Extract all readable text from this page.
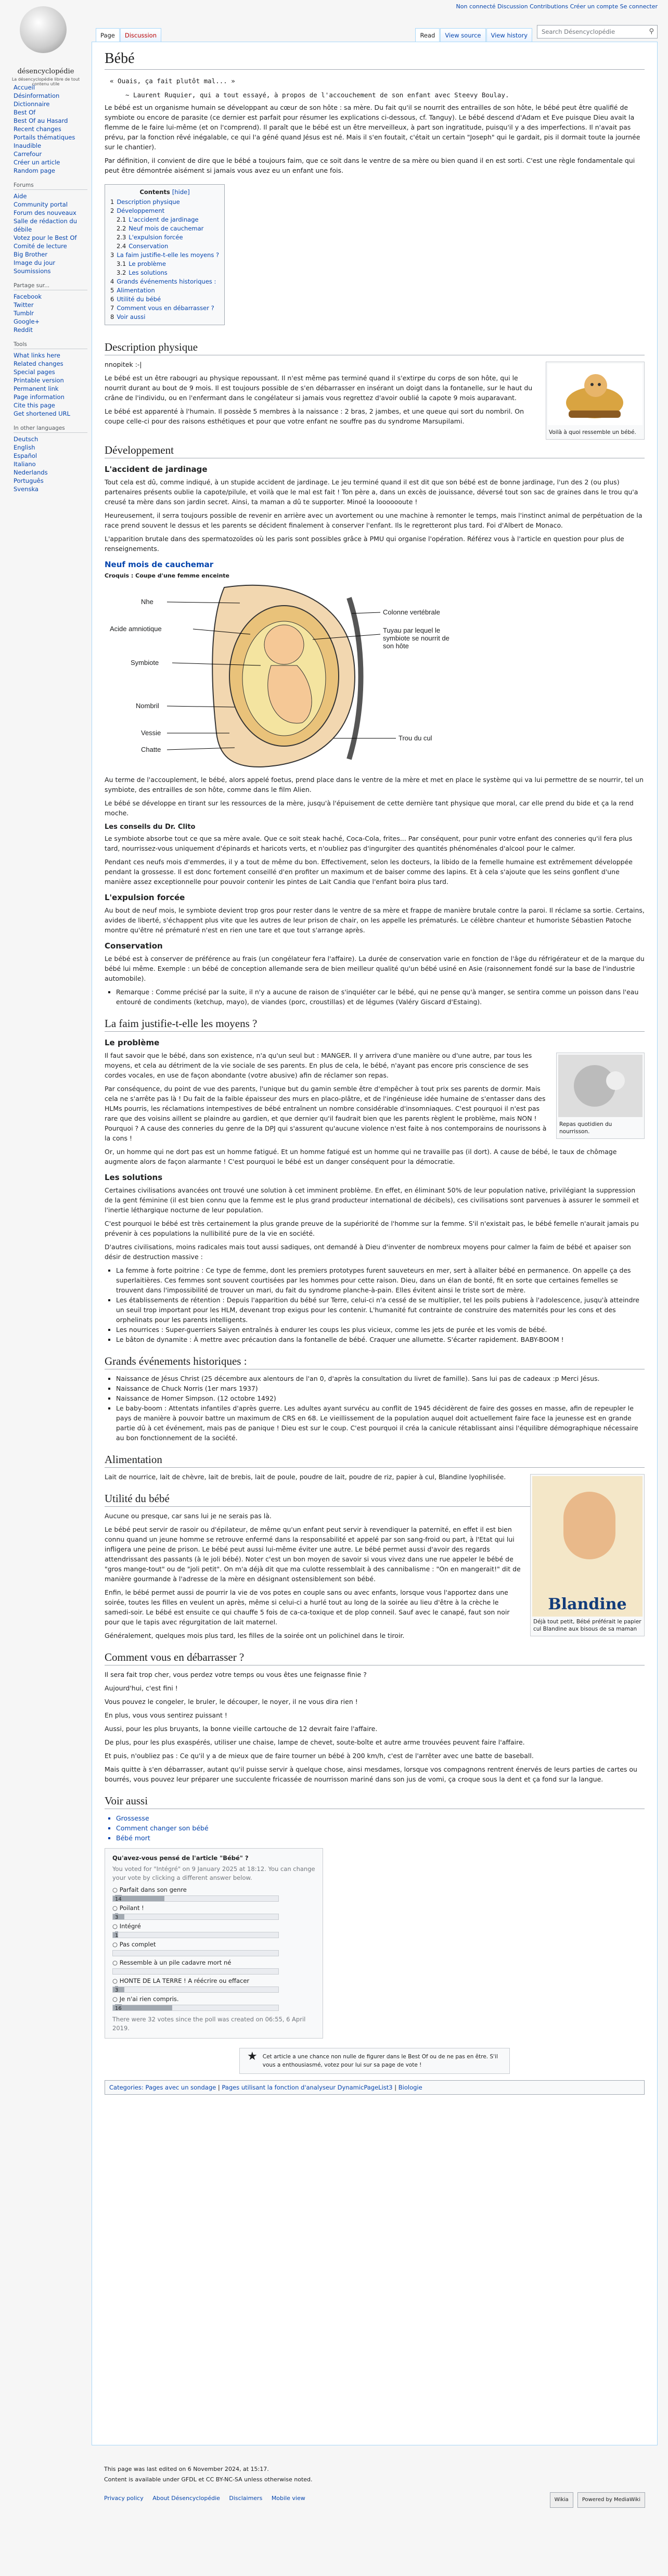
désencyclopédie
La désencyclopédie libre de tout contenu utile
Non connecté Discussion Contributions Créer un compte Se connecter
Accueil
Désinformation
Dictionnaire
Best Of
Best Of au Hasard
Recent changes
Portails thématiques
Inaudible
Carrefour
Créer un article
Random page
Forums
Aide
Community portal
Forum des nouveaux
Salle de rédaction du débile
Votez pour le Best Of
Comité de lecture
Big Brother
Image du jour
Soumissions
Partage sur...
Facebook
Twitter
Tumblr
Google+
Reddit
Tools
What links here
Related changes
Special pages
Printable version
Permanent link
Page information
Cite this page
Get shortened URL
In other languages
Deutsch
English
Español
Italiano
Nederlands
Português
Svenska
Page	Discussion	Read	View source	View history	Search Désencyclopédie	⚲
Bébé
« Ouais, ça fait plutôt mal... »
~ Laurent Ruquier, qui a tout essayé, à propos de l'accouchement de son enfant avec Steevy Boulay.

Le bébé est un organisme humain se développant au cœur de son hôte : sa mère. Du fait qu'il se nourrit des entrailles de son hôte, le bébé peut être qualifié de symbiote ou encore de parasite (ce dernier est parfait pour résumer les explications ci-dessous, cf. Tanguy). Le bébé descend d'Adam et Eve puisque Dieu avait la flemme de le faire lui-même (et on l'comprend). Il paraît que le bébé est un être merveilleux, à part son ingratitude, puisqu'il y a des imperfections. Il n'avait pas prévu, par la fonction rêvé inégalable, ce qui l'a géné quand Jésus est né. Mais il s'en foutait, c'était un certain "Joseph" qui le gardait, pis il dormait toute la journée sur le chantier).

Par définition, il convient de dire que le bébé a toujours faim, que ce soit dans le ventre de sa mère ou bien quand il en est sorti. C'est une règle fondamentale qui peut être démontrée aisément si jamais vous avez eu un enfant une fois.

Contents [hide]
1 Description physique
2 Développement
2.1 L'accident de jardinage
2.2 Neuf mois de cauchemar
2.3 L'expulsion forcée
2.4 Conservation
3 La faim justifie-t-elle les moyens ?
3.1 Le problème
3.2 Les solutions
4 Grands événements historiques :
5 Alimentation
6 Utilité du bébé
7 Comment vous en débarrasser ?
8 Voir aussi
Description physique
Voilà à quoi ressemble un bébé.

nnopitek :-|

Le bébé est un être rabougri au physique repoussant. Il n'est même pas terminé quand il s'extirpe du corps de son hôte, qui le nourrit durant au bout de 9 mois. Il est toujours possible de s'en débarrasser en insérant un doigt dans la fontanelle, sur le haut du crâne de l'individu, ou en l'enfermant dans le congélateur si jamais vous regrettez d'avoir oublié la capote 9 mois auparavant.

Le bébé est apparenté à l'humain. Il possède 5 membres à la naissance : 2 bras, 2 jambes, et une queue qui sort du nombril. On coupe celle-ci pour des raisons esthétiques et pour que votre enfant ne souffre pas du syndrome Marsupilami.

Développement
L'accident de jardinage

Tout cela est dû, comme indiqué, à un stupide accident de jardinage. Le jeu terminé quand il est dit que son bébé est de bonne jardinage, l'un des 2 (ou plus) partenaires présents oublie la capote/pilule, et voilà que le mal est fait ! Ton père a, dans un excès de jouissance, déversé tout son sac de graines dans le trou qu'a creusé ta mère dans son jardin secret. Ainsi, ta maman a dû te supporter. Minoé la looooooute !

Heureusement, il serra toujours possible de revenir en arrière avec un avortement ou une machine à remonter le temps, mais l'instinct animal de perpétuation de la race prend souvent le dessus et les parents se décident finalement à conserver l'enfant. Ils le regretteront plus tard. Foi d'Albert de Monaco.

L'apparition brutale dans des spermatozoïdes où les paris sont possibles grâce à PMU qui organise l'opération. Référez vous à l'article en question pour plus de renseignements.

Neuf mois de cauchemar
Croquis : Coupe d'une femme enceinte
Nhe
Acide amniotique
Symbiote
Nombril
Vessie
Chatte
Colonne vertébrale
Tuyau par lequel le symbiote se nourrit de son hôte
Trou du cul

Au terme de l'accouplement, le bébé, alors appelé foetus, prend place dans le ventre de la mère et met en place le système qui va lui permettre de se nourrir, tel un symbiote, des entrailles de son hôte, comme dans le film Alien.

Le bébé se développe en tirant sur les ressources de la mère, jusqu'à l'épuisement de cette dernière tant physique que moral, car elle prend du bide et ça la rend moche.

Les conseils du Dr. Clito

Le symbiote absorbe tout ce que sa mère avale. Que ce soit steak haché, Coca-Cola, frites... Par conséquent, pour punir votre enfant des conneries qu'il fera plus tard, nourrissez-vous uniquement d'épinards et haricots verts, et n'oubliez pas d'ingurgiter des quantités phénoménales d'alcool pour le calmer.

Pendant ces neufs mois d'emmerdes, il y a tout de même du bon. Effectivement, selon les docteurs, la libido de la femelle humaine est extrêmement développée pendant la grossesse. Il est donc fortement conseillé d'en profiter un maximum et de baiser comme des lapins. Et à cela s'ajoute que les seins gonflent d'une manière assez exceptionnelle pour pouvoir contenir les pintes de Lait Candia que l'enfant boira plus tard.

L'expulsion forcée

Au bout de neuf mois, le symbiote devient trop gros pour rester dans le ventre de sa mère et frappe de manière brutale contre la paroi. Il réclame sa sortie. Certains, avides de liberté, s'échappent plus vite que les autres de leur prison de chair, on les appelle les prématurés. Le célèbre chanteur et humoriste Sébastien Patoche montre qu'être né prématuré n'est en rien une tare et que tout s'arrange après.

Conservation

Le bébé est à conserver de préférence au frais (un congélateur fera l'affaire). La durée de conservation varie en fonction de l'âge du réfrigérateur et de la marque du bébé lui même. Exemple : un bébé de conception allemande sera de bien meilleur qualité qu'un bébé usiné en Asie (raisonnement fondé sur la base de l'industrie automobile).

▪ Remarque : Comme précisé par la suite, il n'y a aucune de raison de s'inquiéter car le bébé, qui ne pense qu'à manger, se sentira comme un poisson dans l'eau entouré de condiments (ketchup, mayo), de viandes (porc, croustillas) et de légumes (Valéry Giscard d'Estaing).
La faim justifie-t-elle les moyens ?
Le problème
Repas quotidien du nourrisson.

Il faut savoir que le bébé, dans son existence, n'a qu'un seul but : MANGER. Il y arrivera d'une manière ou d'une autre, par tous les moyens, et cela au détriment de la vie sociale de ses parents. En plus de cela, le bébé, n'ayant pas encore pris conscience de ses cordes vocales, en use de façon abondante (votre abusive) afin de réclamer son repas.

Par conséquence, du point de vue des parents, l'unique but du gamin semble être d'empêcher à tout prix ses parents de dormir. Mais cela ne s'arrête pas là ! Du fait de la faible épaisseur des murs en placo-plâtre, et de l'ingénieuse idée humaine de s'entasser dans des HLMs pourris, les réclamations intempestives de bébé entraînent un nombre considérable d'insomniaques. C'est pourquoi il n'est pas rare que des voisins aillent se plaindre au gardien, et que dernier qu'il faudrait bien que les parents règlent le problème, mais NON ! Pourquoi ? A cause des conneries du genre de la DPJ qui s'assurent qu'aucune violence n'est faite à nos contemporains de nourissons à la cons !

Or, un homme qui ne dort pas est un homme fatigué. Et un homme fatigué est un homme qui ne travaille pas (il dort). A cause de bébé, le taux de chômage augmente alors de façon alarmante ! C'est pourquoi le bébé est un danger conséquent pour la démocratie.

Les solutions

Certaines civilisations avancées ont trouvé une solution à cet imminent problème. En effet, en éliminant 50% de leur population native, privilégiant la suppression de la gent féminine (il est bien connu que la femme est le plus grand producteur international de décibels), ces civilisations sont parvenues à assurer le sommeil et l'inertie léthargique nocturne de leur population.

C'est pourquoi le bébé est très certainement la plus grande preuve de la supériorité de l'homme sur la femme. S'il n'existait pas, le bébé femelle n'aurait jamais pu prévenir à ces populations la nullibilité pure de la vie en société.

D'autres civilisations, moins radicales mais tout aussi sadiques, ont demandé à Dieu d'inventer de nombreux moyens pour calmer la faim de bébé et apaiser son désir de destruction massive :

▪ La femme à forte poitrine : Ce type de femme, dont les premiers prototypes furent sauveteurs en mer, sert à allaiter bébé en permanence. On appelle ça des superlaitières. Ces femmes sont souvent courtisées par les hommes pour cette raison. Dieu, dans un élan de bonté, fit en sorte que certaines femelles se trouvent dans l'impossibilité de trouver un mari, du fait du syndrome planche-à-pain. Elles évitent ainsi le triste sort de mère.
▪ Les établissements de rétention : Depuis l'apparition du bébé sur Terre, celui-ci n'a cessé de se multiplier, tel les poils pubiens à l'adolescence, jusqu'à atteindre un seuil trop important pour les HLM, devenant trop exigus pour les contenir. L'humanité fut contrainte de construire des maternités pour les cons et des orphelinats pour les parents intelligents.
▪ Les nourrices : Super-guerriers Saiyen entraînés à endurer les coups les plus vicieux, comme les jets de purée et les vomis de bébé.
▪ Le bâton de dynamite : À mettre avec précaution dans la fontanelle de bébé. Craquer une allumette. S'écarter rapidement. BABY-BOOM !
Grands événements historiques :
▪ Naissance de Jésus Christ (25 décembre aux alentours de l'an 0, d'après la consultation du livret de famille). Sans lui pas de cadeaux :p Merci Jésus.
▪ Naissance de Chuck Norris (1er mars 1937)
▪ Naissance de Homer Simpson. (12 octobre 1492)
▪ Le baby-boom : Attentats infantiles d'après guerre. Les adultes ayant survécu au conflit de 1945 décidèrent de faire des gosses en masse, afin de repeupler le pays de manière à pouvoir battre un maximum de CRS en 68. Le vieillissement de la population auquel doit actuellement faire face la jeunesse est en grande partie dû à cet événement, mais pas de panique ! Dieu est sur le coup. C'est pourquoi il créa la canicule rétablissant ainsi l'équilibre démographique nécessaire au bon fonctionnement de la société.
Alimentation
Blandine
Déjà tout petit, Bébé préférait le papier cul Blandine aux bisous de sa maman

Lait de nourrice, lait de chèvre, lait de brebis, lait de poule, poudre de lait, poudre de riz, papier à cul, Blandine lyophilisée.

Utilité du bébé

Aucune ou presque, car sans lui je ne serais pas là.

Le bébé peut servir de rasoir ou d'épilateur, de même qu'un enfant peut servir à revendiquer la paternité, en effet il est bien connu quand un jeune homme se retrouve enfermé dans la responsabilité et appelé par son sang-froid ou part, à l'Etat qui lui infligera une peine de prison. Le bébé peut aussi lui-même éviter une autre. Le bébé permet aussi d'avoir des regards attendrissant des passants (à le joli bébé). Noter c'est un bon moyen de savoir si vous vivez dans une rue appeler le bébé de "gros mange-tout" ou de "joli petit". On m'a déjà dit que ma culotte ressemblait à des cannibalisme : "On en mangerait!" dit de manière gourmande à l'adresse de la mère en désignant ostensiblement son bébé.

Enfin, le bébé permet aussi de pourrir la vie de vos potes en couple sans ou avec enfants, lorsque vous l'apportez dans une soirée, toutes les filles en veulent un après, même si celui-ci a hurlé tout au long de la soirée au lieu d'être à la crèche le samedi-soir. Le bébé est ensuite ce qui chauffe 5 fois de ca-ca-toxique et de plop conneil. Sauf avec le canapé, faut son noir pour que le tapis avec régurgitation de lait maternel.

Généralement, quelques mois plus tard, les filles de la soirée ont un polichinel dans le tiroir.

Comment vous en débarrasser ?

Il sera fait trop cher, vous perdez votre temps ou vous êtes une feignasse finie ?

Aujourd'hui, c'est fini !

Vous pouvez le congeler, le bruler, le découper, le noyer, il ne vous dira rien !

En plus, vous vous sentirez puissant !

Aussi, pour les plus bruyants, la bonne vieille cartouche de 12 devrait faire l'affaire.

De plus, pour les plus exaspérés, utiliser une chaise, lampe de chevet, soute-boîte et autre arme trouvées peuvent faire l'affaire.

Et puis, n'oubliez pas : Ce qu'il y a de mieux que de faire tourner un bébé à 200 km/h, c'est de l'arrêter avec une batte de baseball.

Mais quitte à s'en débarrasser, autant qu'il puisse servir à quelque chose, ainsi mesdames, lorsque vos compagnons rentrent énervés de leurs parties de cartes ou bourrés, vous pouvez leur préparer une succulente fricassée de nourrisson mariné dans son jus de vomi, ça croque sous la dent et ça fond sur la langue.

Voir aussi
▪ Grossesse
▪ Comment changer son bébé
▪ Bébé mort
Qu'avez-vous pensé de l'article "Bébé" ?
You voted for "Intégré" on 9 January 2025 at 18:12. You can change your vote by clicking a different answer below.
○ Parfait dans son genre
14
○ Poilant !
3
○ Intégré
1
○ Pas complet
○ Ressemble à un pile cadavre mort né
○ HONTE DE LA TERRE ! A réécrire ou effacer
3
○ Je n'ai rien compris.
16
There were 32 votes since the poll was created on 06:55, 6 April 2019.
★ Cet article a une chance non nulle de figurer dans le Best Of ou de ne pas en être. S'il vous a enthousiasmé, votez pour lui sur sa page de vote !
Categories: Pages avec un sondage | Pages utilisant la fonction d'analyseur DynamicPageList3 | Biologie
This page was last edited on 6 November 2024, at 15:17.
Content is available under GFDL et CC BY-NC-SA unless otherwise noted.
Privacy policy About Désencyclopédie Disclaimers Mobile view	Wikia	Powered by MediaWiki
